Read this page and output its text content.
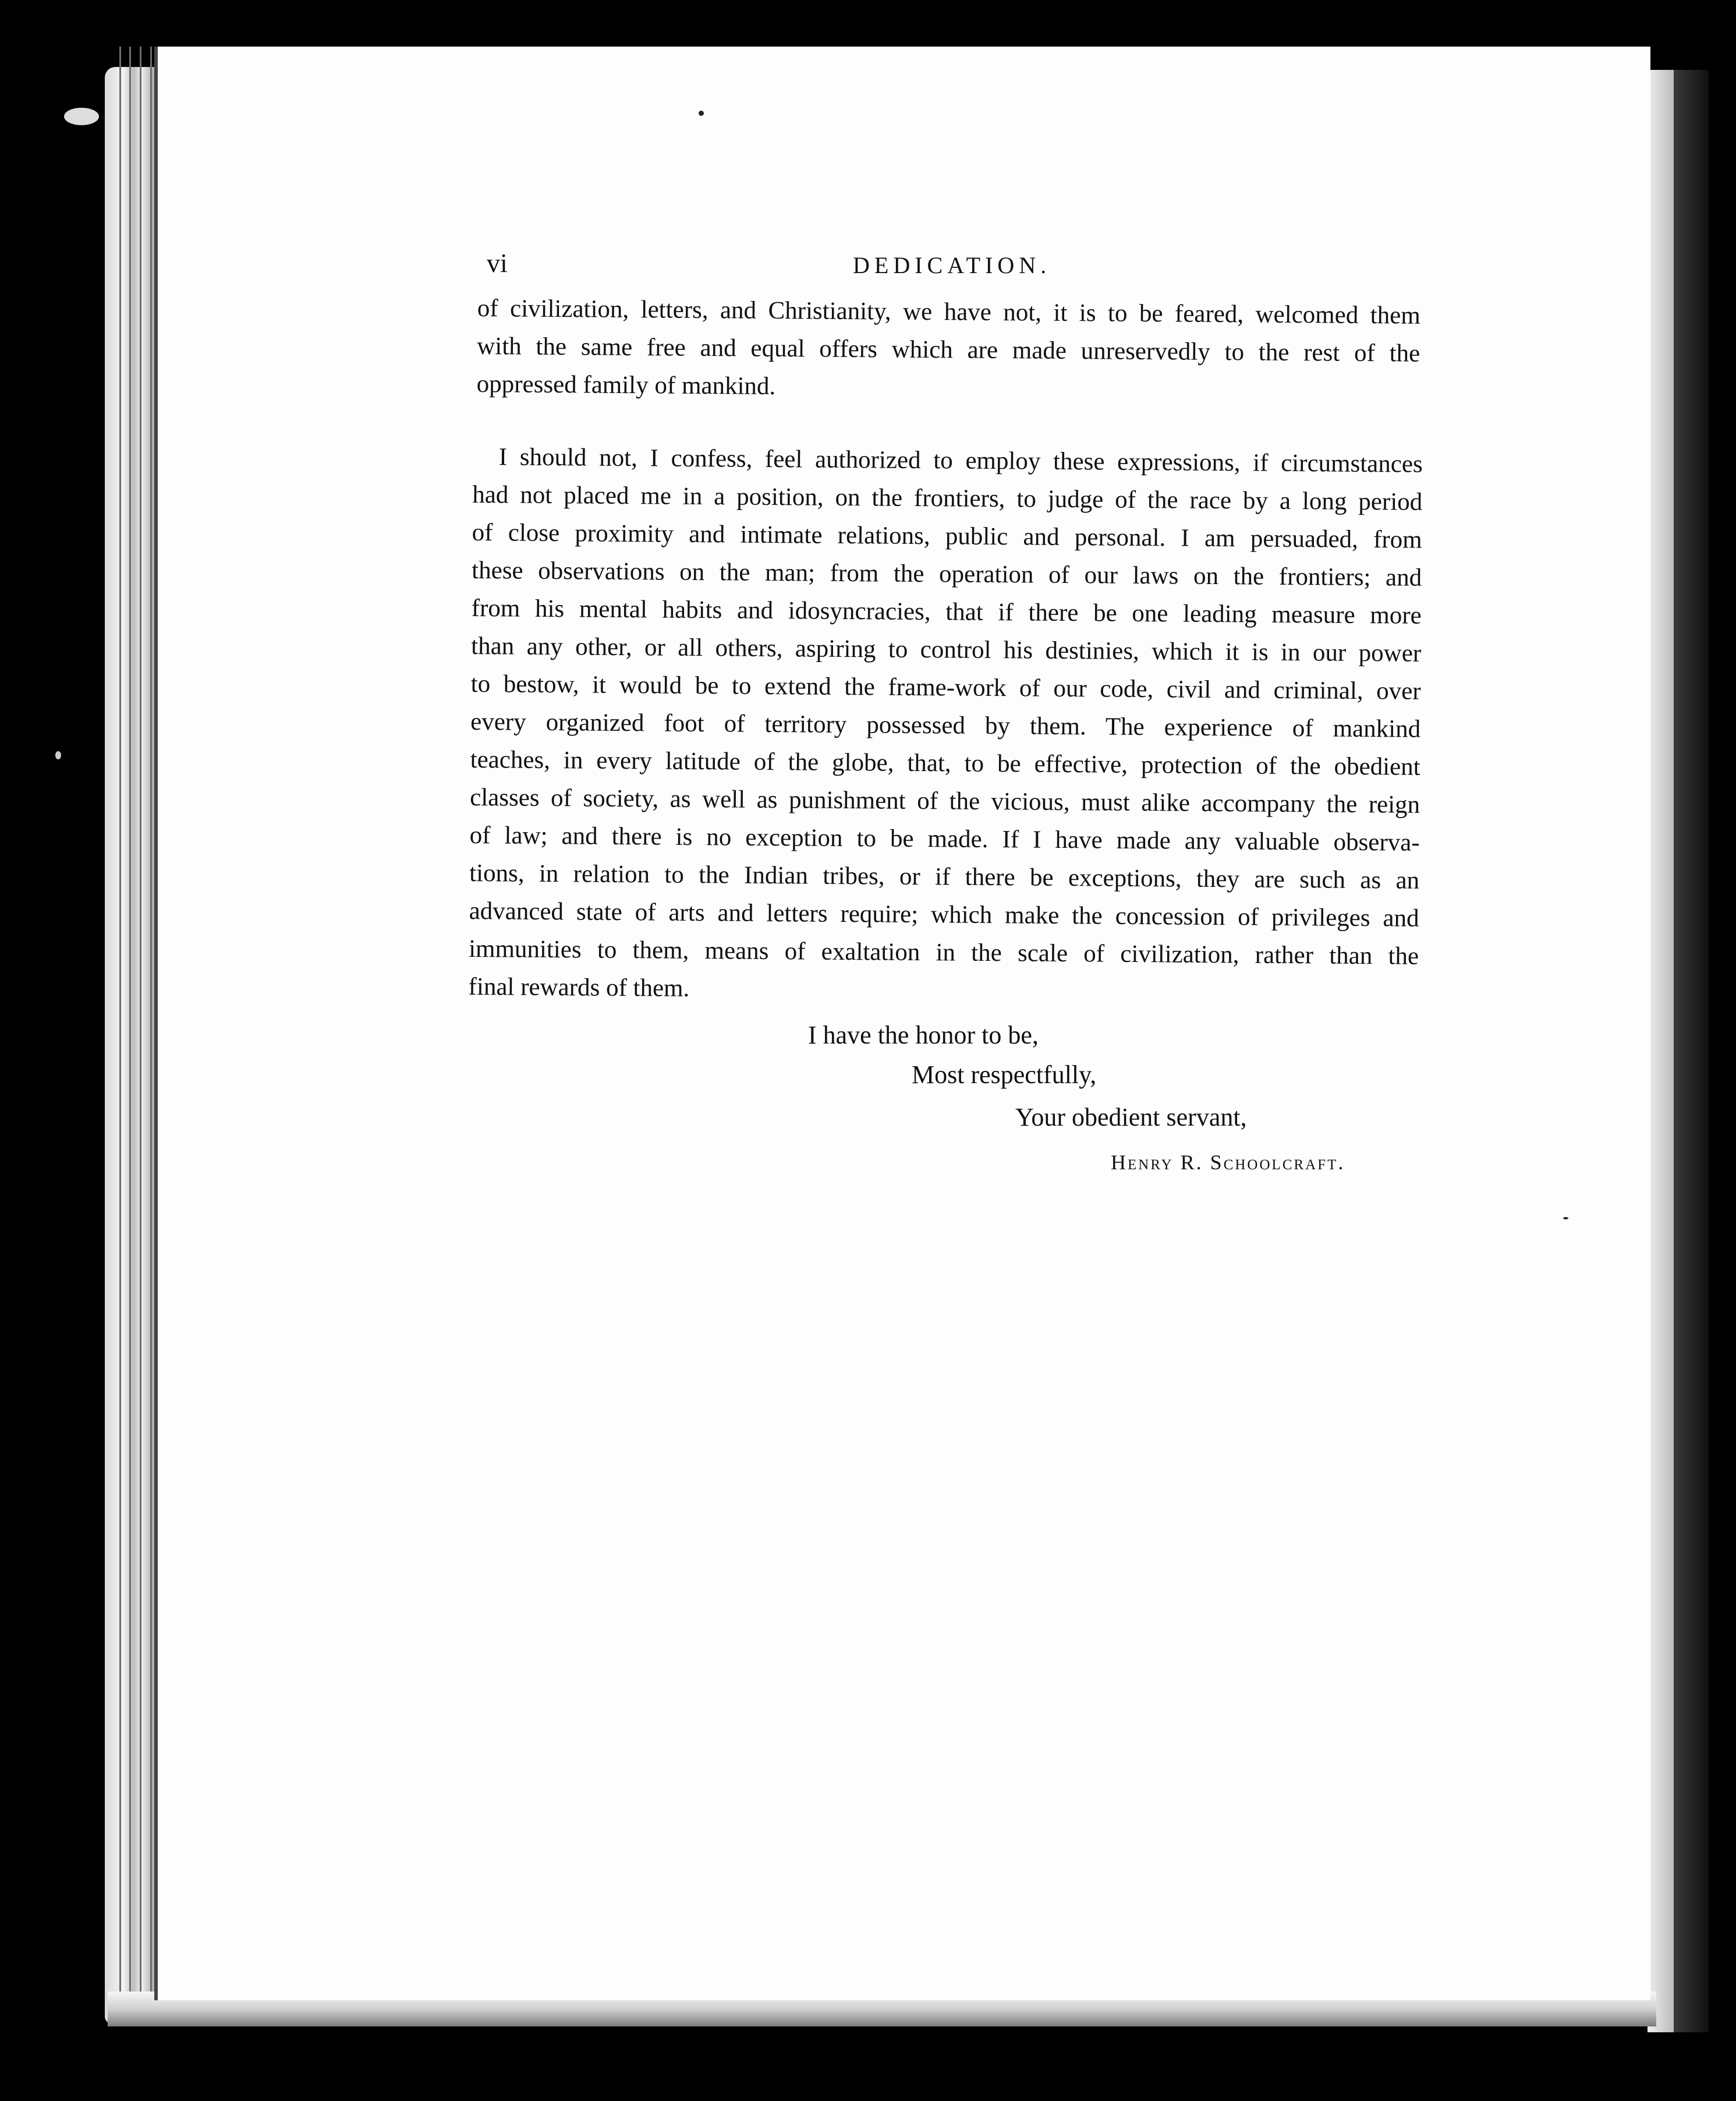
vi	DEDICATION.
of civilization, letters, and Christianity, we have not, it is to be feared, welcomed them
with the same free and equal offers which are made unreservedly to the rest of the
oppressed family of mankind.
I should not, I confess, feel authorized to employ these expressions, if circumstances
had not placed me in a position, on the frontiers, to judge of the race by a long period
of close proximity and intimate relations, public and personal. I am persuaded, from
these observations on the man; from the operation of our laws on the frontiers; and
from his mental habits and idosyncracies, that if there be one leading measure more
than any other, or all others, aspiring to control his destinies, which it is in our power
to bestow, it would be to extend the frame-work of our code, civil and criminal, over
every organized foot of territory possessed by them. The experience of mankind
teaches, in every latitude of the globe, that, to be effective, protection of the obedient
classes of society, as well as punishment of the vicious, must alike accompany the reign
of law; and there is no exception to be made. If I have made any valuable observa-
tions, in relation to the Indian tribes, or if there be exceptions, they are such as an
advanced state of arts and letters require; which make the concession of privileges and
immunities to them, means of exaltation in the scale of civilization, rather than the
final rewards of them.
I have the honor to be,
Most respectfully,
Your obedient servant,
Henry R. Schoolcraft.
